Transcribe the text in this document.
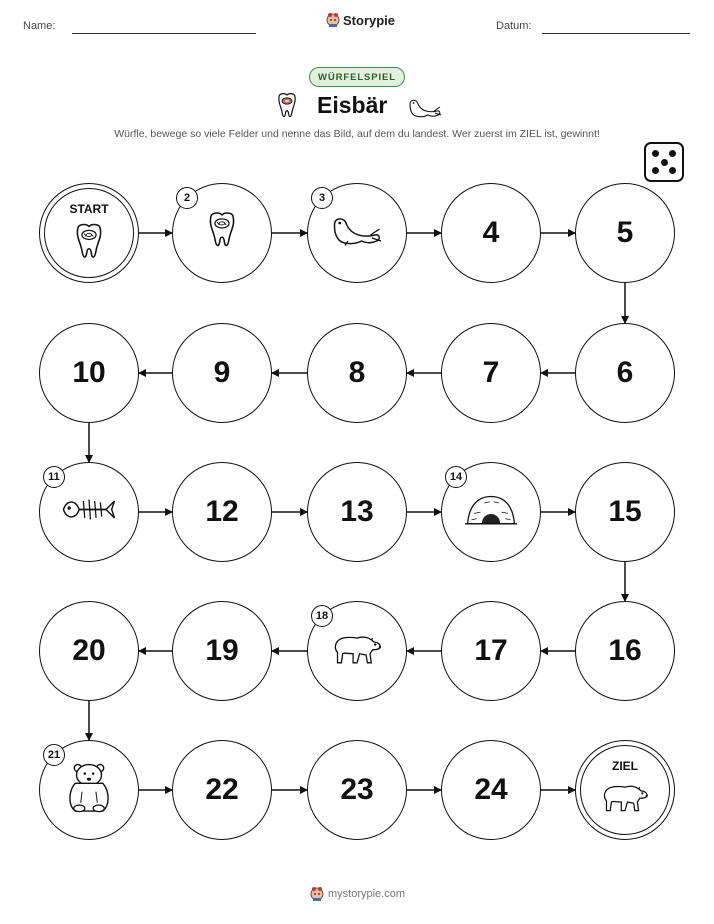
Name:	Storypie	Datum:
WÜRFELSPIEL
Eisbär
Würfle, bewege so viele Felder und nenne das Bild, auf dem du landest. Wer zuerst im ZIEL ist, gewinnt!
START
2	3
4	5
10	9	8	7	6
11
12	13
14
15
20	19
18
17	16
21
22	23	24
ZIEL
mystorypie.com
